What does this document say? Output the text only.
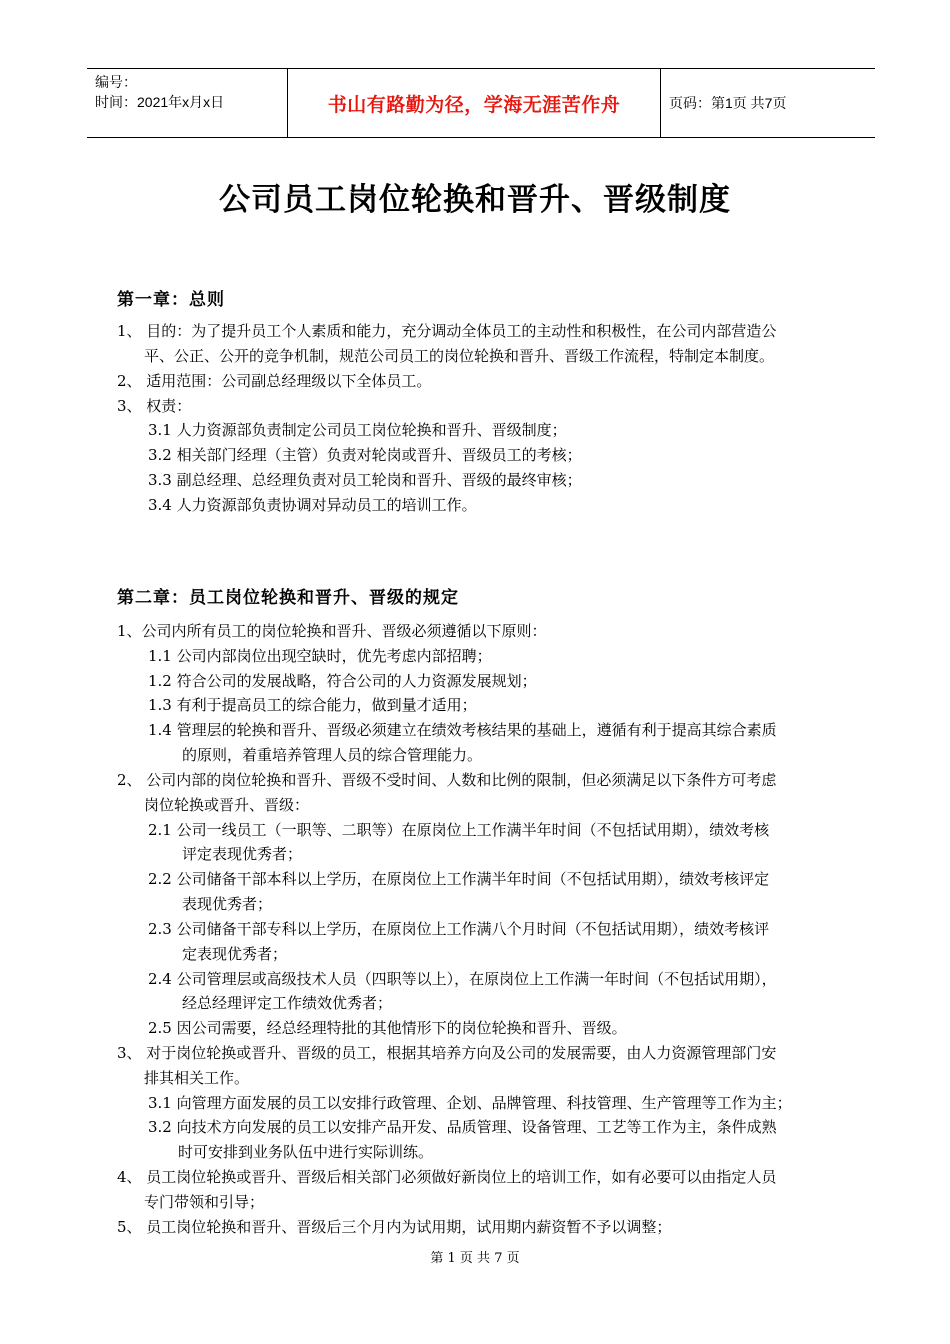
编号：
时间：2021年x月x日	书山有路勤为径，学海无涯苦作舟	页码：第1页 共7页
公司员工岗位轮换和晋升、晋级制度
第一章：总则
1、 目的：为了提升员工个人素质和能力，充分调动全体员工的主动性和积极性，在公司内部营造公
平、公正、公开的竞争机制，规范公司员工的岗位轮换和晋升、晋级工作流程，特制定本制度。
2、 适用范围：公司副总经理级以下全体员工。
3、 权责：
3.1 人力资源部负责制定公司员工岗位轮换和晋升、晋级制度；
3.2 相关部门经理（主管）负责对轮岗或晋升、晋级员工的考核；
3.3 副总经理、总经理负责对员工轮岗和晋升、晋级的最终审核；
3.4 人力资源部负责协调对异动员工的培训工作。
第二章：员工岗位轮换和晋升、晋级的规定
1、公司内所有员工的岗位轮换和晋升、晋级必须遵循以下原则：
1.1 公司内部岗位出现空缺时，优先考虑内部招聘；
1.2 符合公司的发展战略，符合公司的人力资源发展规划；
1.3 有利于提高员工的综合能力，做到量才适用；
1.4 管理层的轮换和晋升、晋级必须建立在绩效考核结果的基础上，遵循有利于提高其综合素质
的原则，着重培养管理人员的综合管理能力。
2、 公司内部的岗位轮换和晋升、晋级不受时间、人数和比例的限制，但必须满足以下条件方可考虑
岗位轮换或晋升、晋级：
2.1 公司一线员工（一职等、二职等）在原岗位上工作满半年时间（不包括试用期），绩效考核
评定表现优秀者；
2.2 公司储备干部本科以上学历，在原岗位上工作满半年时间（不包括试用期），绩效考核评定
表现优秀者；
2.3 公司储备干部专科以上学历，在原岗位上工作满八个月时间（不包括试用期），绩效考核评
定表现优秀者；
2.4 公司管理层或高级技术人员（四职等以上），在原岗位上工作满一年时间（不包括试用期），
经总经理评定工作绩效优秀者；
2.5 因公司需要，经总经理特批的其他情形下的岗位轮换和晋升、晋级。
3、 对于岗位轮换或晋升、晋级的员工，根据其培养方向及公司的发展需要，由人力资源管理部门安
排其相关工作。
3.1 向管理方面发展的员工以安排行政管理、企划、品牌管理、科技管理、生产管理等工作为主；
3.2 向技术方向发展的员工以安排产品开发、品质管理、设备管理、工艺等工作为主，条件成熟
时可安排到业务队伍中进行实际训练。
4、 员工岗位轮换或晋升、晋级后相关部门必须做好新岗位上的培训工作，如有必要可以由指定人员
专门带领和引导；
5、 员工岗位轮换和晋升、晋级后三个月内为试用期，试用期内薪资暂不予以调整；
第 1 页 共 7 页
